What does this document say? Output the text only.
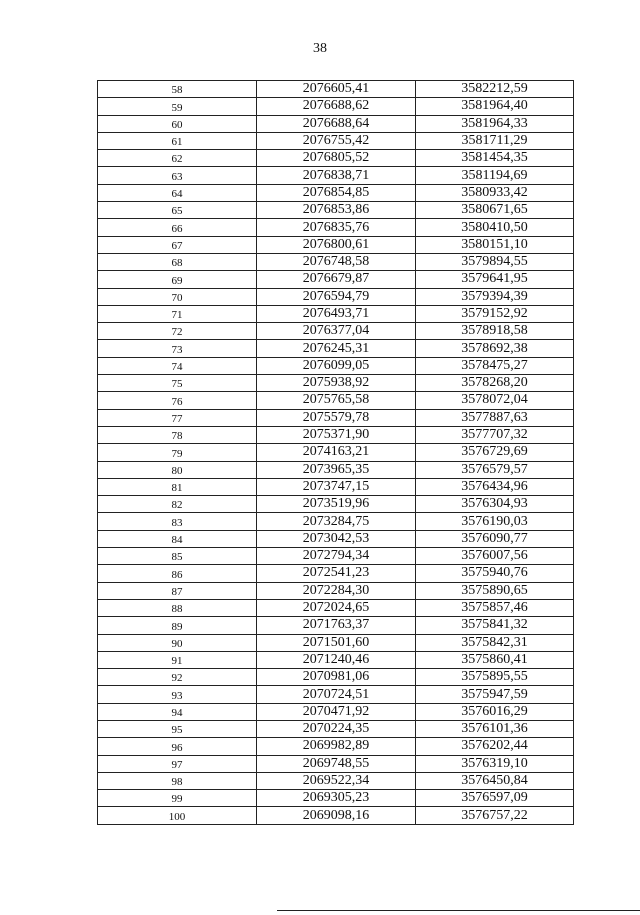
38
58	2076605,41	3582212,59
59	2076688,62	3581964,40
60	2076688,64	3581964,33
61	2076755,42	3581711,29
62	2076805,52	3581454,35
63	2076838,71	3581194,69
64	2076854,85	3580933,42
65	2076853,86	3580671,65
66	2076835,76	3580410,50
67	2076800,61	3580151,10
68	2076748,58	3579894,55
69	2076679,87	3579641,95
70	2076594,79	3579394,39
71	2076493,71	3579152,92
72	2076377,04	3578918,58
73	2076245,31	3578692,38
74	2076099,05	3578475,27
75	2075938,92	3578268,20
76	2075765,58	3578072,04
77	2075579,78	3577887,63
78	2075371,90	3577707,32
79	2074163,21	3576729,69
80	2073965,35	3576579,57
81	2073747,15	3576434,96
82	2073519,96	3576304,93
83	2073284,75	3576190,03
84	2073042,53	3576090,77
85	2072794,34	3576007,56
86	2072541,23	3575940,76
87	2072284,30	3575890,65
88	2072024,65	3575857,46
89	2071763,37	3575841,32
90	2071501,60	3575842,31
91	2071240,46	3575860,41
92	2070981,06	3575895,55
93	2070724,51	3575947,59
94	2070471,92	3576016,29
95	2070224,35	3576101,36
96	2069982,89	3576202,44
97	2069748,55	3576319,10
98	2069522,34	3576450,84
99	2069305,23	3576597,09
100	2069098,16	3576757,22
